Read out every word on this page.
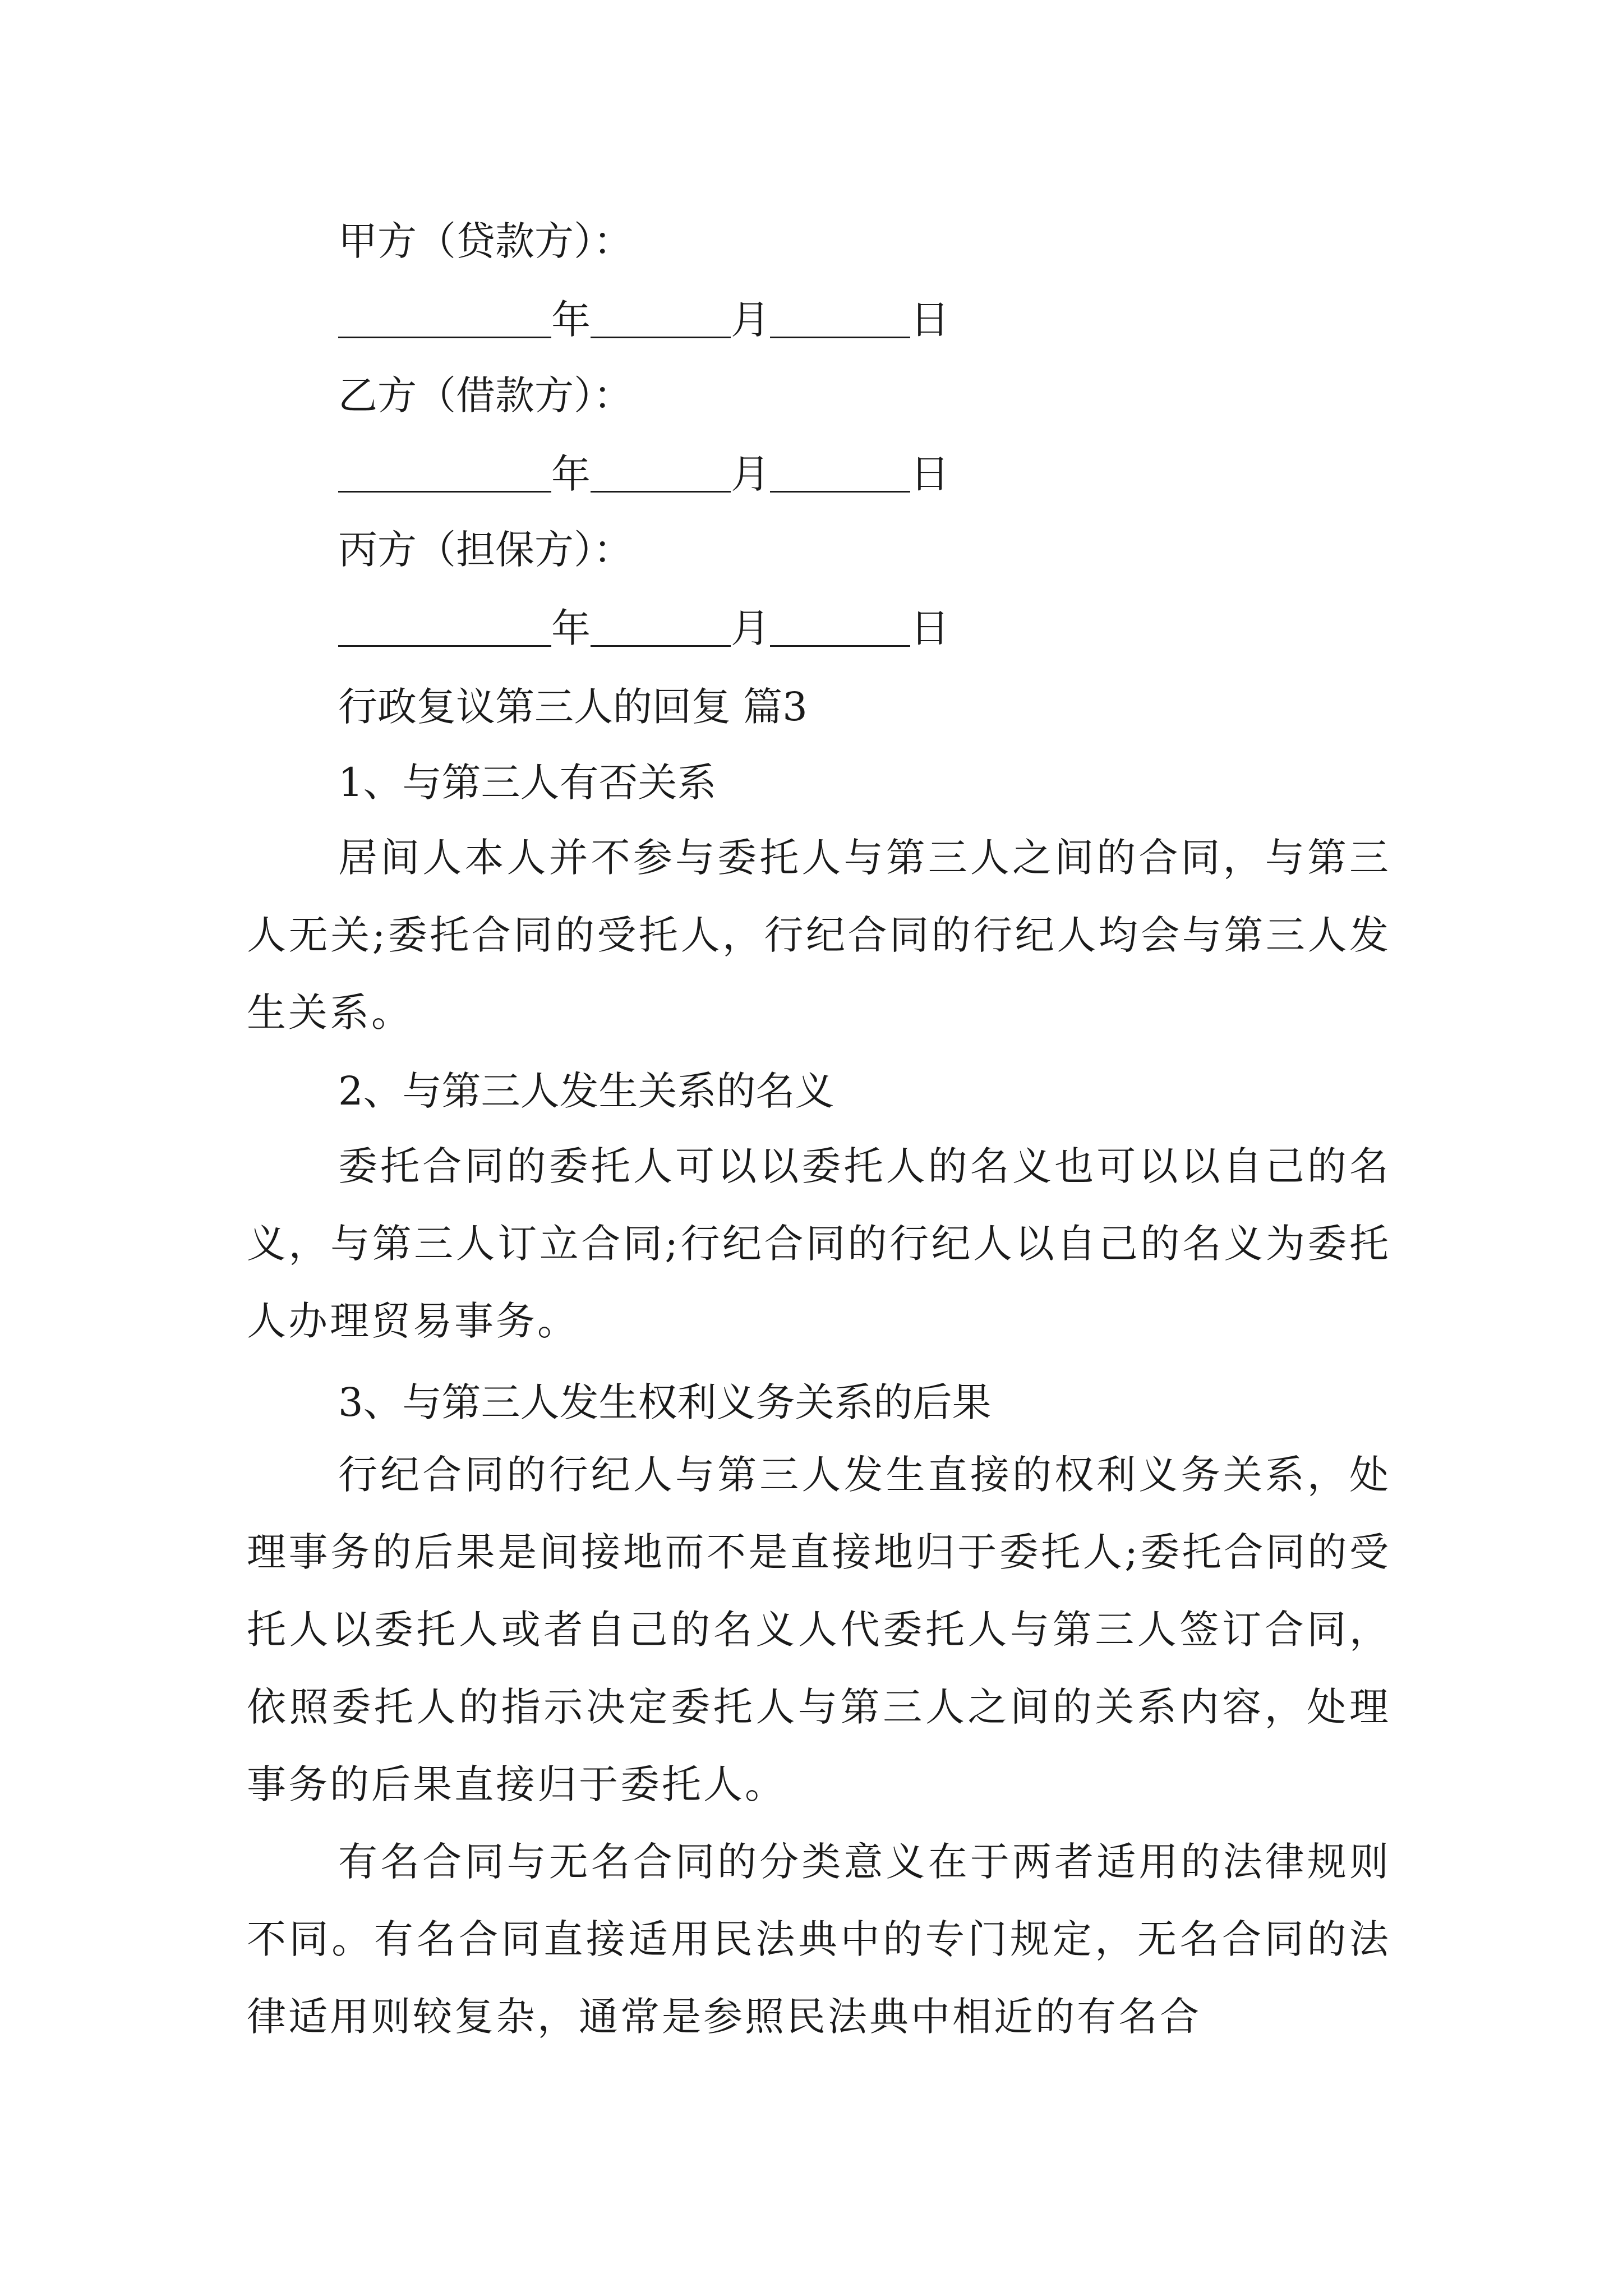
甲方（贷款方）：
年	月	日
乙方（借款方）：
年	月	日
丙方（担保方）：
年	月	日
行政复议第三人的回复 篇3
1、与第三人有否关系
居间人本人并不参与委托人与第三人之间的合同，与第三人无关;委托合同的受托人，行纪合同的行纪人均会与第三人发生关系。
2、与第三人发生关系的名义
委托合同的委托人可以以委托人的名义也可以以自己的名义，与第三人订立合同;行纪合同的行纪人以自己的名义为委托人办理贸易事务。
3、与第三人发生权利义务关系的后果
行纪合同的行纪人与第三人发生直接的权利义务关系，处理事务的后果是间接地而不是直接地归于委托人;委托合同的受托人以委托人或者自己的名义人代委托人与第三人签订合同，依照委托人的指示决定委托人与第三人之间的关系内容，处理事务的后果直接归于委托人。
有名合同与无名合同的分类意义在于两者适用的法律规则不同。有名合同直接适用民法典中的专门规定，无名合同的法律适用则较复杂，通常是参照民法典中相近的有名合
